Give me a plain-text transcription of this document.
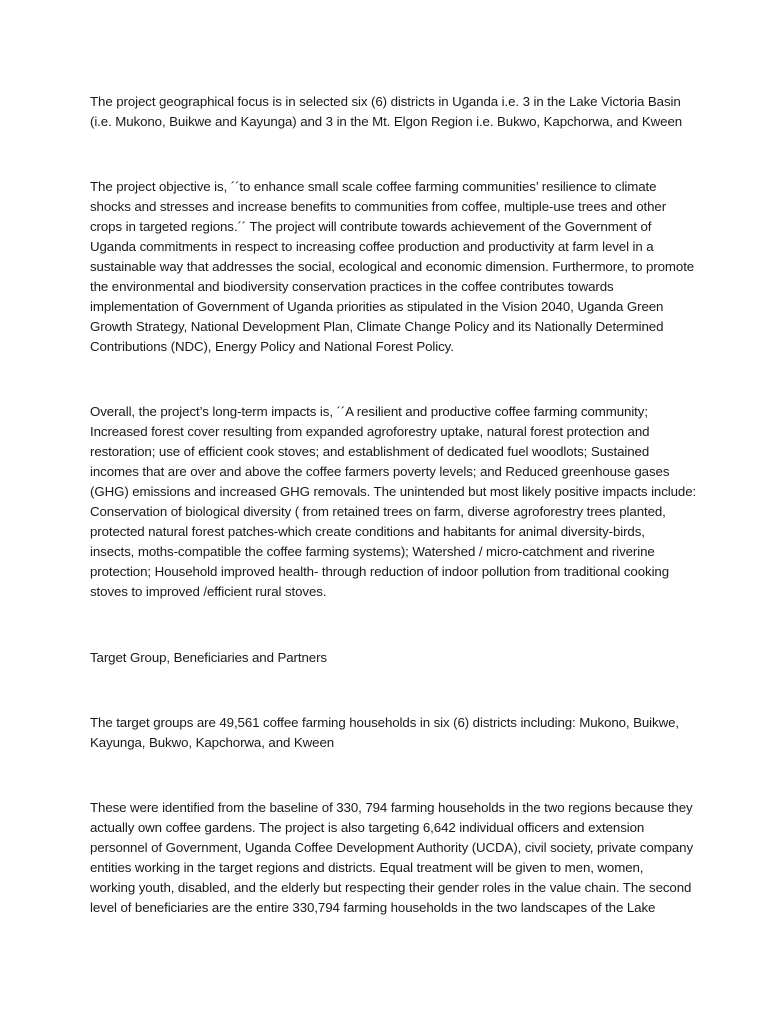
The project geographical focus is in selected six (6) districts in Uganda i.e. 3 in the Lake Victoria Basin
(i.e. Mukono, Buikwe and Kayunga) and 3 in the Mt. Elgon Region i.e. Bukwo, Kapchorwa, and Kween

The project objective is, ´´to enhance small scale coffee farming communities’ resilience to climate
shocks and stresses and increase benefits to communities from coffee, multiple-use trees and other
crops in targeted regions.´´ The project will contribute towards achievement of the Government of
Uganda commitments in respect to increasing coffee production and productivity at farm level in a
sustainable way that addresses the social, ecological and economic dimension. Furthermore, to promote
the environmental and biodiversity conservation practices in the coffee contributes towards
implementation of Government of Uganda priorities as stipulated in the Vision 2040, Uganda Green
Growth Strategy, National Development Plan, Climate Change Policy and its Nationally Determined
Contributions (NDC), Energy Policy and National Forest Policy.

Overall, the project’s long-term impacts is, ´´A resilient and productive coffee farming community;
Increased forest cover resulting from expanded agroforestry uptake, natural forest protection and
restoration; use of efficient cook stoves; and establishment of dedicated fuel woodlots; Sustained
incomes that are over and above the coffee farmers poverty levels; and Reduced greenhouse gases
(GHG) emissions and increased GHG removals. The unintended but most likely positive impacts include:
Conservation of biological diversity ( from retained trees on farm, diverse agroforestry trees planted,
protected natural forest patches-which create conditions and habitants for animal diversity-birds,
insects, moths-compatible the coffee farming systems); Watershed / micro-catchment and riverine
protection; Household improved health- through reduction of indoor pollution from traditional cooking
stoves to improved /efficient rural stoves.

Target Group, Beneficiaries and Partners

The target groups are 49,561 coffee farming households in six (6) districts including: Mukono, Buikwe,
Kayunga, Bukwo, Kapchorwa, and Kween

These were identified from the baseline of 330, 794 farming households in the two regions because they
actually own coffee gardens. The project is also targeting 6,642 individual officers and extension
personnel of Government, Uganda Coffee Development Authority (UCDA), civil society, private company
entities working in the target regions and districts. Equal treatment will be given to men, women,
working youth, disabled, and the elderly but respecting their gender roles in the value chain. The second
level of beneficiaries are the entire 330,794 farming households in the two landscapes of the Lake
